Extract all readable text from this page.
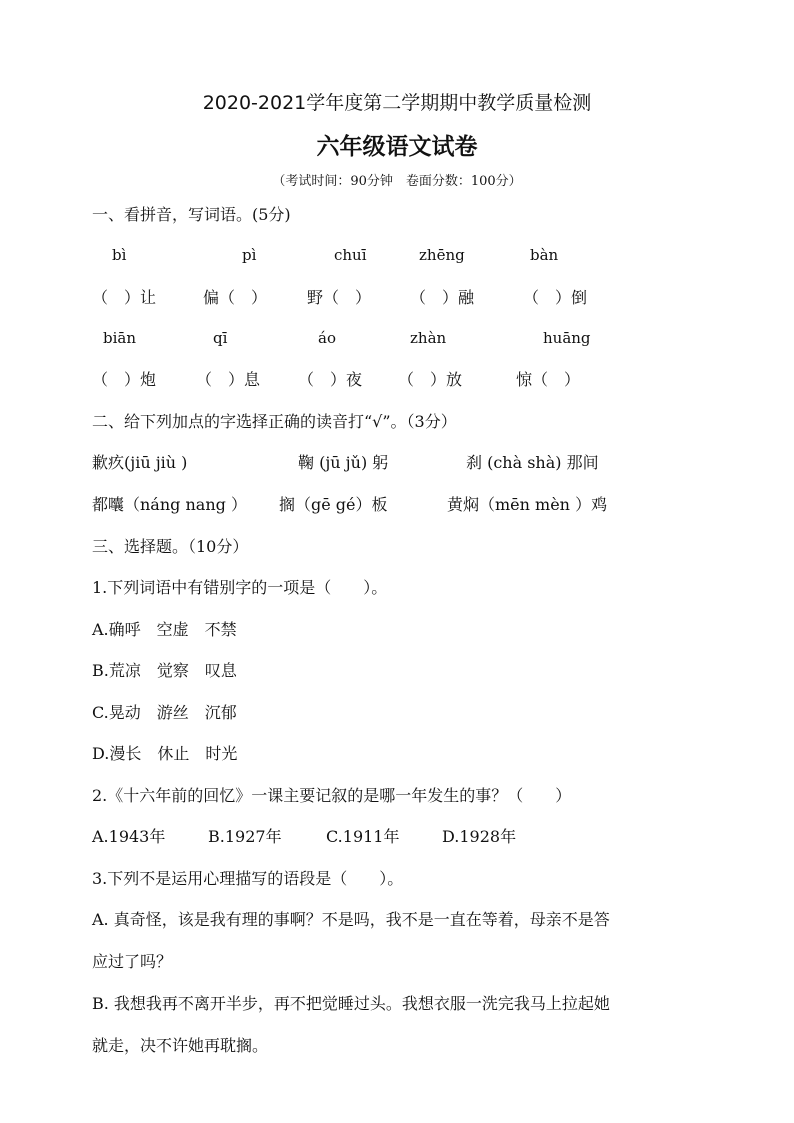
2020-2021学年度第二学期期中教学质量检测
六年级语文试卷
（考试时间：90分钟　卷面分数：100分）
一、看拼音，写词语。(5分)
bì	pì	chuī	zhēng	bàn
（　）让	偏（　） 野（　） （　）融	（　）倒
biān	qī	áo	zhàn	huāng
（　）炮 （　）息 （　）夜 （　）放	惊（　）
二、给下列加点的字选择正确的读音打“√”。（3分）
歉疚(jiū jiù )	鞠 (jū jǔ) 躬	刹 (chà shà) 那间
都囔（náng nang ） 搁（gē gé）板	黄焖（mēn mèn ）鸡
三、选择题。（10分）
1.下列词语中有错别字的一项是（　　）。
A.确呼　空虚　不禁
B.荒凉　觉察　叹息
C.晃动　游丝　沉郁
D.漫长　休止　时光
2.《十六年前的回忆》一课主要记叙的是哪一年发生的事？（　　）
A.1943年	B.1927年	C.1911年	D.1928年
3.下列不是运用心理描写的语段是（　　）。
A. 真奇怪，该是我有理的事啊？不是吗，我不是一直在等着，母亲不是答
应过了吗？
B. 我想我再不离开半步，再不把觉睡过头。我想衣服一洗完我马上拉起她
就走，决不许她再耽搁。
